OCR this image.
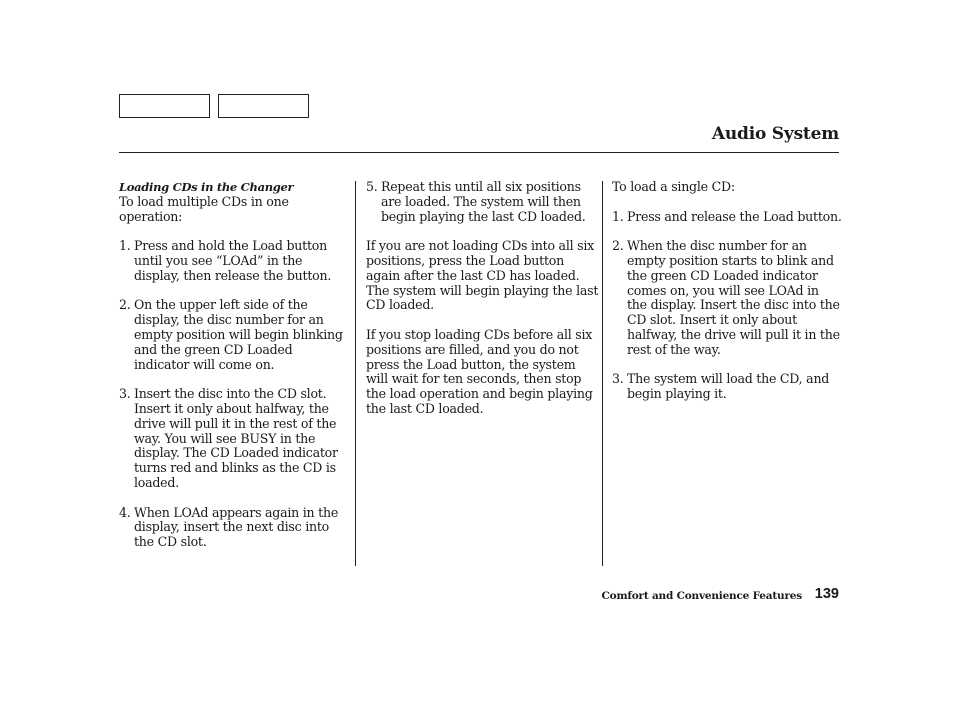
Audio System

Loading CDs in the Changer

To load multiple CDs in one operation:

1. Press and hold the Load button until you see “LOAd” in the display, then release the button.
2. On the upper left side of the display, the disc number for an empty position will begin blinking and the green CD Loaded indicator will come on.
3. Insert the disc into the CD slot. Insert it only about halfway, the drive will pull it in the rest of the way. You will see BUSY in the display. The CD Loaded indicator turns red and blinks as the CD is loaded.
4. When LOAd appears again in the display, insert the next disc into the CD slot.
5. Repeat this until all six positions are loaded. The system will then begin playing the last CD loaded.

If you are not loading CDs into all six positions, press the Load button again after the last CD has loaded. The system will begin playing the last CD loaded.

If you stop loading CDs before all six positions are filled, and you do not press the Load button, the system will wait for ten seconds, then stop the load operation and begin playing the last CD loaded.

To load a single CD:

1. Press and release the Load button.
2. When the disc number for an empty position starts to blink and the green CD Loaded indicator comes on, you will see LOAd in the display. Insert the disc into the CD slot. Insert it only about halfway, the drive will pull it in the rest of the way.
3. The system will load the CD, and begin playing it.
Comfort and Convenience Features 139
